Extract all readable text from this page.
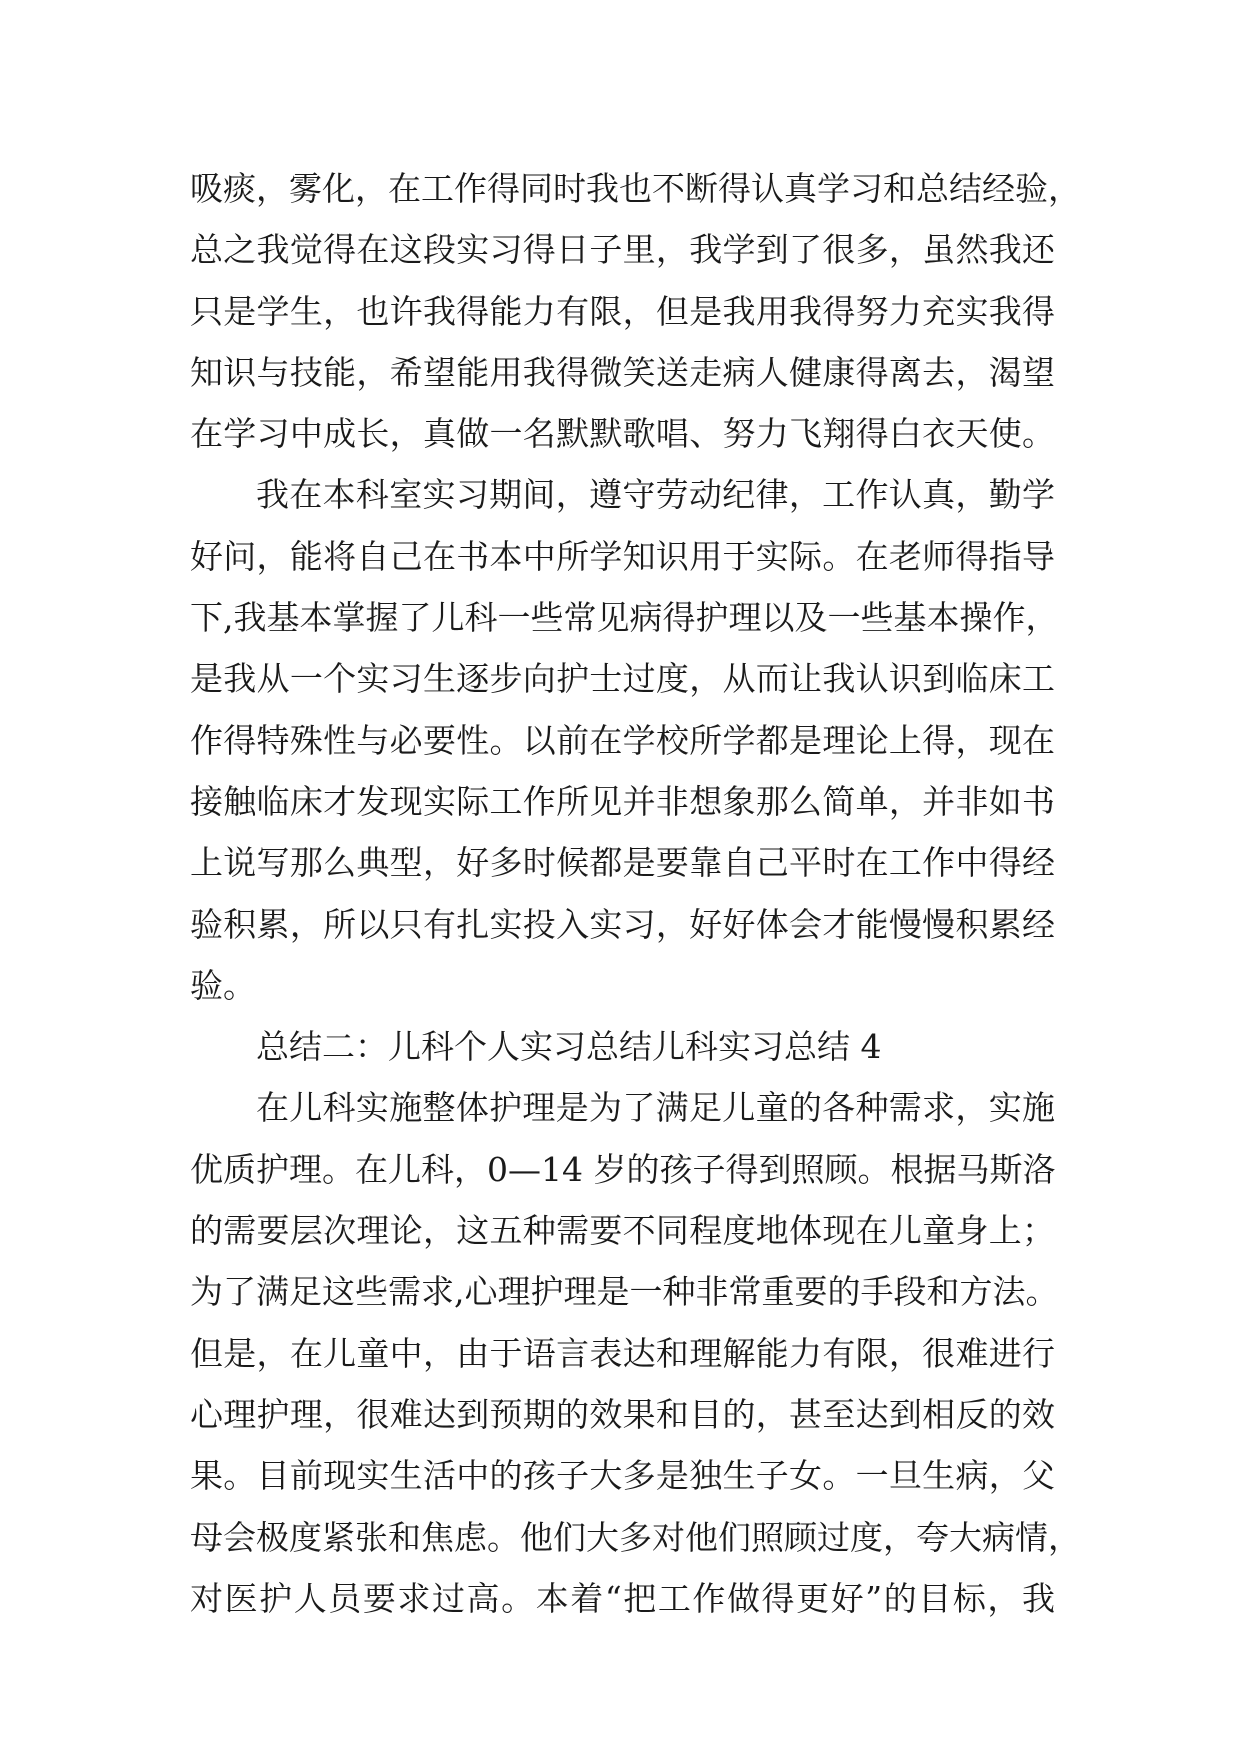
吸痰，雾化，在工作得同时我也不断得认真学习和总结经验，
总之我觉得在这段实习得日子里，我学到了很多，虽然我还
只是学生，也许我得能力有限，但是我用我得努力充实我得
知识与技能，希望能用我得微笑送走病人健康得离去，渴望
在学习中成长，真做一名默默歌唱、努力飞翔得白衣天使。
我在本科室实习期间，遵守劳动纪律，工作认真，勤学
好问，能将自己在书本中所学知识用于实际。在老师得指导
下,我基本掌握了儿科一些常见病得护理以及一些基本操作，
是我从一个实习生逐步向护士过度，从而让我认识到临床工
作得特殊性与必要性。以前在学校所学都是理论上得，现在
接触临床才发现实际工作所见并非想象那么简单，并非如书
上说写那么典型，好多时候都是要靠自己平时在工作中得经
验积累，所以只有扎实投入实习，好好体会才能慢慢积累经
验。
总结二：儿科个人实习总结儿科实习总结 4
在儿科实施整体护理是为了满足儿童的各种需求，实施
优质护理。在儿科，0—14 岁的孩子得到照顾。根据马斯洛
的需要层次理论，这五种需要不同程度地体现在儿童身上；
为了满足这些需求,心理护理是一种非常重要的手段和方法。
但是，在儿童中，由于语言表达和理解能力有限，很难进行
心理护理，很难达到预期的效果和目的，甚至达到相反的效
果。目前现实生活中的孩子大多是独生子女。一旦生病，父
母会极度紧张和焦虑。他们大多对他们照顾过度，夸大病情，
对医护人员要求过高。本着“把工作做得更好”的目标，我
